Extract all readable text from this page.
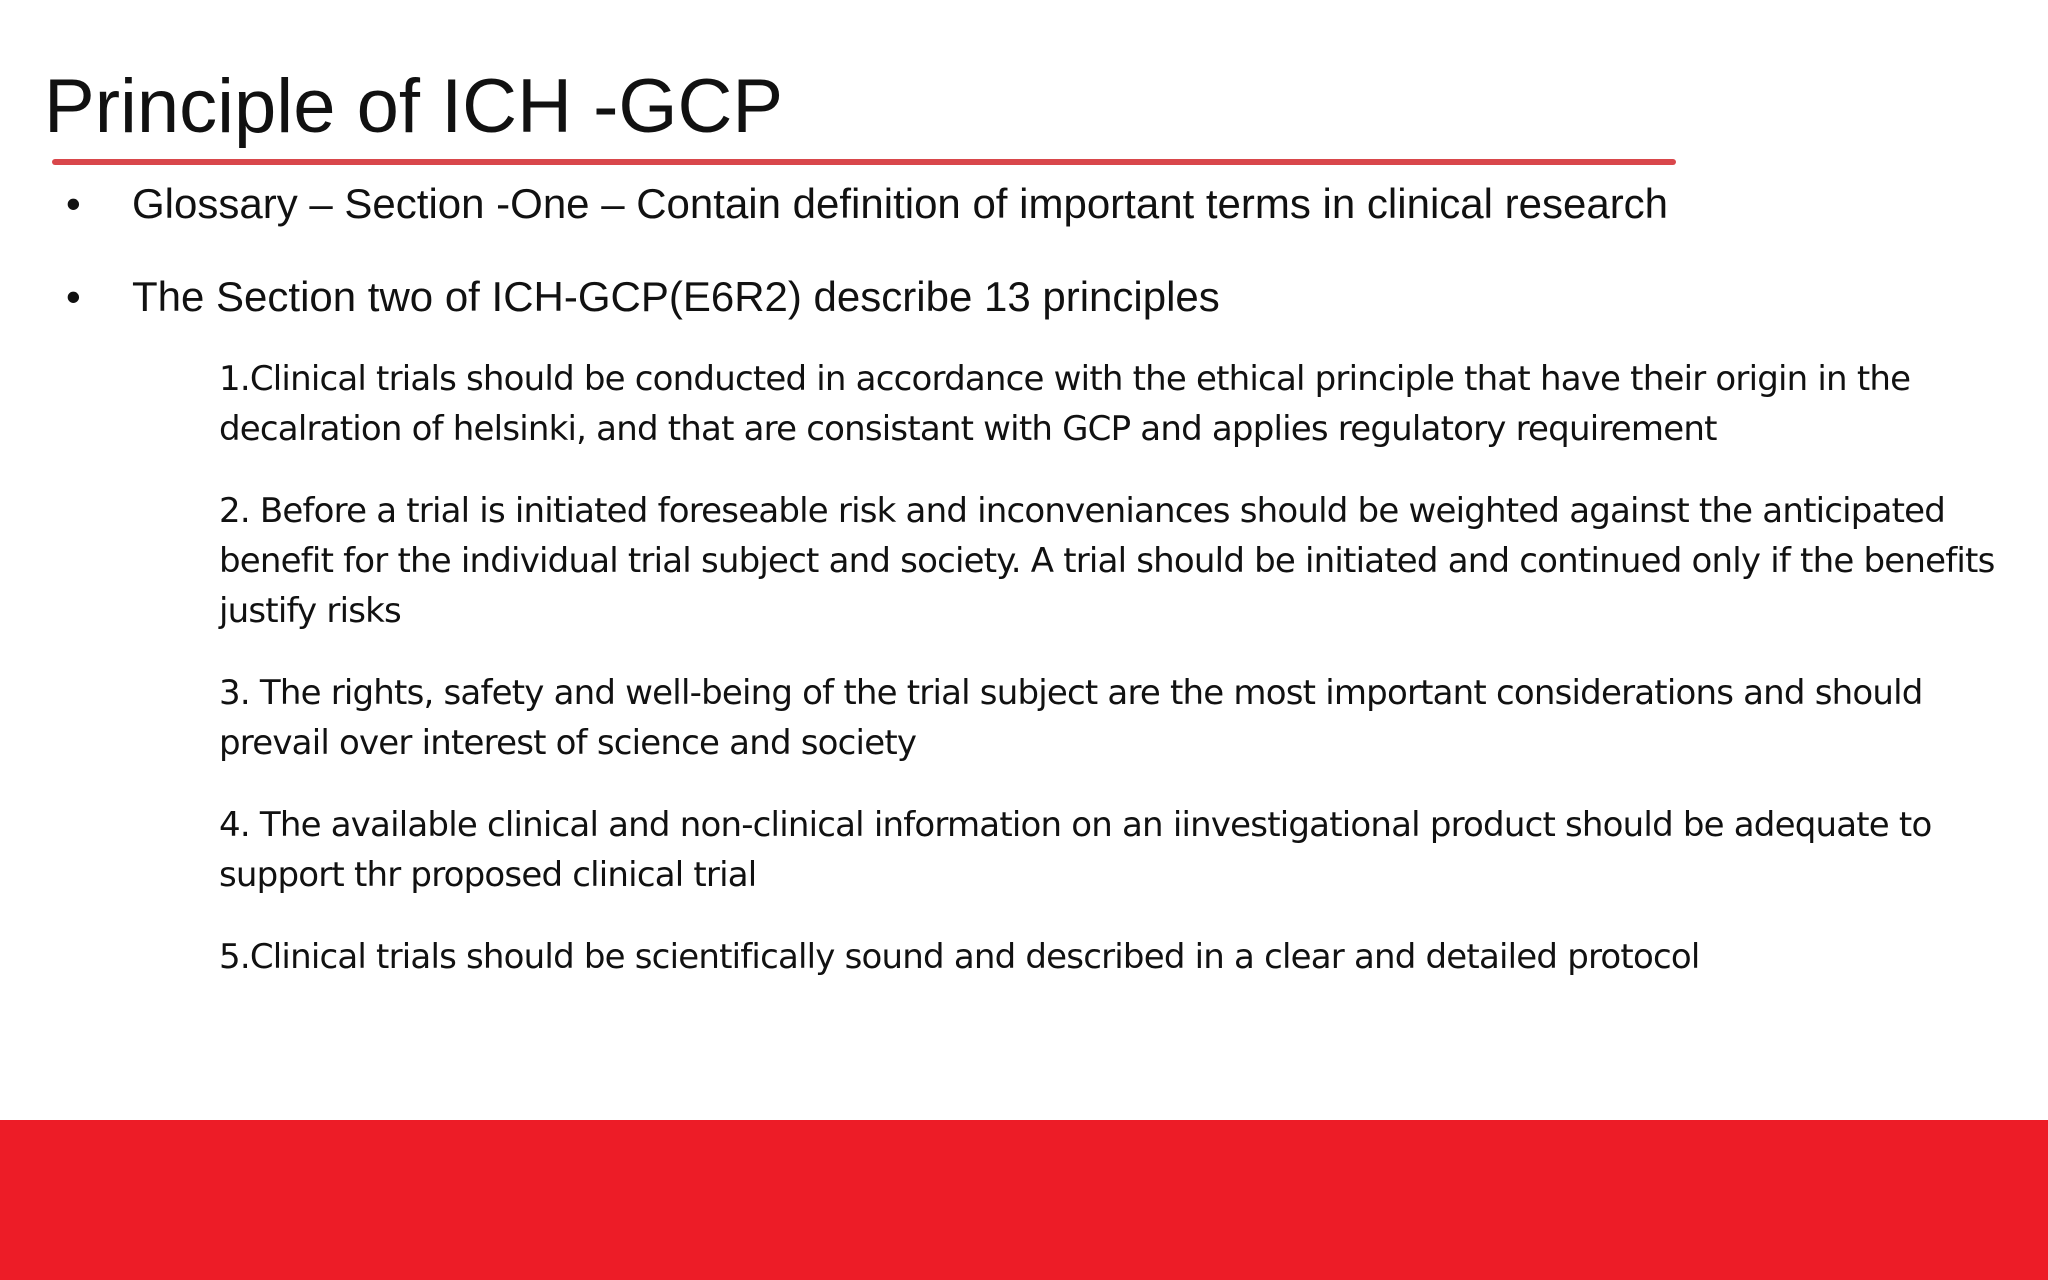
Principle of ICH -GCP
•	Glossary – Section -One – Contain definition of important terms in clinical research
•	The Section two of ICH-GCP(E6R2) describe 13 principles

1.Clinical trials should be conducted in accordance with the ethical principle that have their origin in the decalration of helsinki, and that are consistant with GCP and applies regulatory requirement

2. Before a trial is initiated foreseable risk and inconveniances should be weighted against the anticipated benefit for the individual trial subject and society. A trial should be initiated and continued only if the benefits justify risks

3. The rights, safety and well-being of the trial subject are the most important considerations and should prevail over interest of science and society

4. The available clinical and non-clinical information on an iinvestigational product should be adequate to support thr proposed clinical trial

5.Clinical trials should be scientifically sound and described in a clear and detailed protocol
